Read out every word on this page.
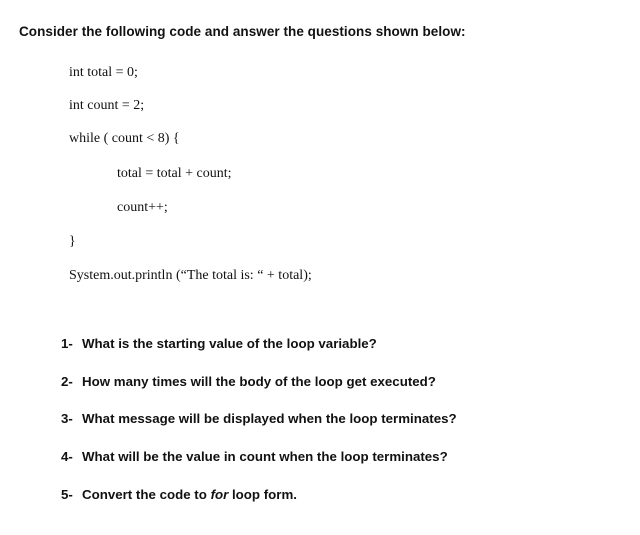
Consider the following code and answer the questions shown below:
int total = 0;
int count = 2;
while ( count < 8) {
total = total + count;
count++;
}
System.out.println (“The total is: “ + total);
1- What is the starting value of the loop variable?
2- How many times will the body of the loop get executed?
3- What message will be displayed when the loop terminates?
4- What will be the value in count when the loop terminates?
5- Convert the code to for loop form.
